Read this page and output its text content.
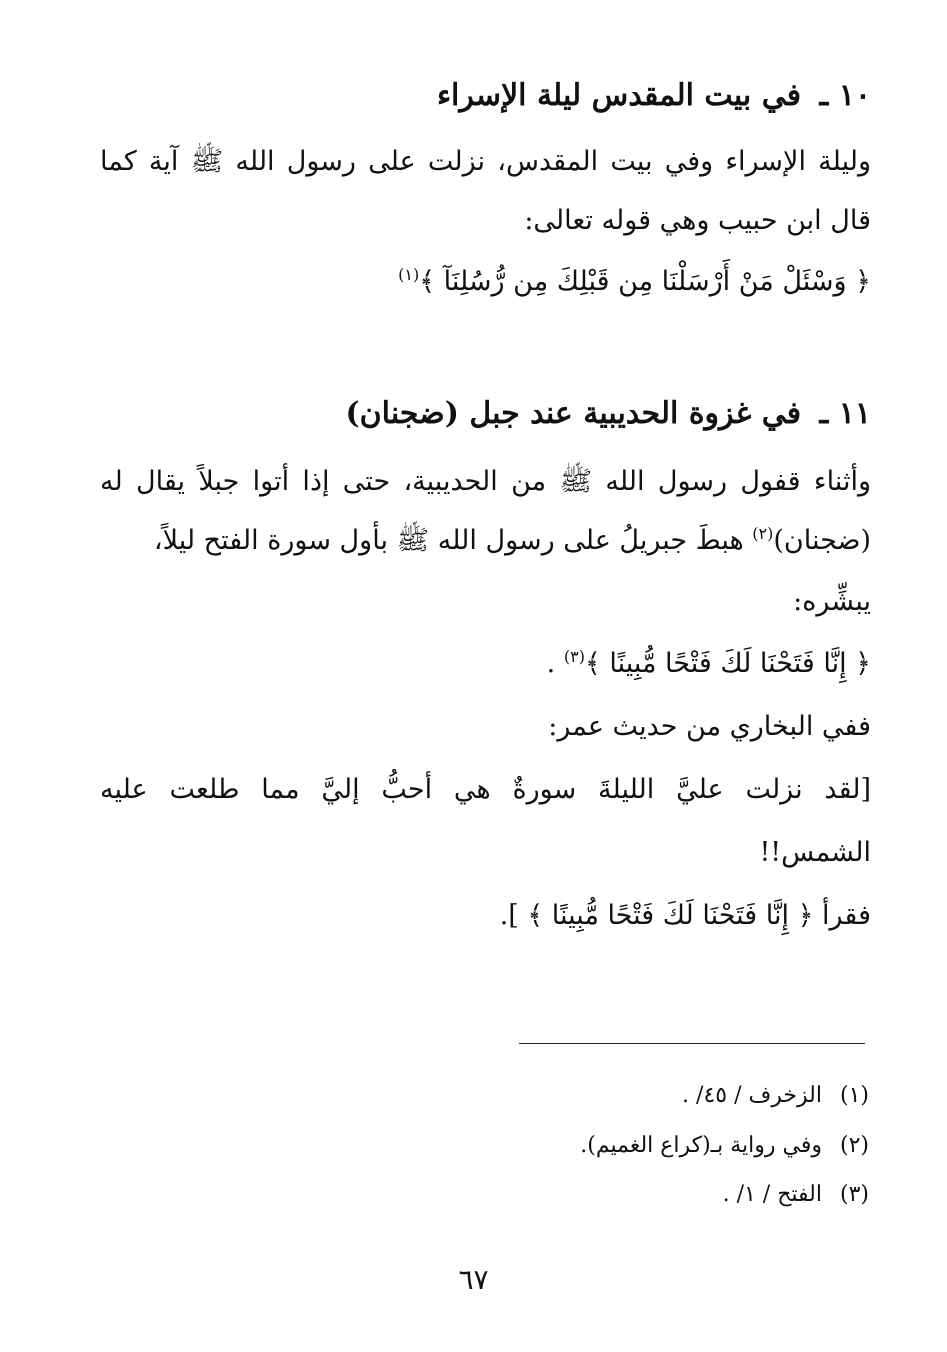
١٠ ـ في بيت المقدس ليلة الإسراء
وليلة الإسراء وفي بيت المقدس، نزلت على رسول الله ﷺ آية كما
قال ابن حبيب وهي قوله تعالى:
﴿ وَسْئَلْ مَنْ أَرْسَلْنَا مِن قَبْلِكَ مِن رُّسُلِنَآ ﴾$^{(١)}$
١١ ـ في غزوة الحديبية عند جبل (ضجنان)
وأثناء قفول رسول الله ﷺ من الحديبية، حتى إذا أتوا جبلاً يقال له
(ضجنان)$^{(٢)}$ هبطَ جبريلُ على رسول الله ﷺ بأول سورة الفتح ليلاً،
يبشِّره:
﴿ إِنَّا فَتَحْنَا لَكَ فَتْحًا مُّبِينًا ﴾$^{(٣)}$ .
ففي البخاري من حديث عمر:
[لقد نزلت عليَّ الليلةَ سورةٌ هي أحبُّ إليَّ مما طلعت عليه
الشمس!!
فقرأ ﴿ إِنَّا فَتَحْنَا لَكَ فَتْحًا مُّبِينًا ﴾ ].
(١) الزخرف / ٤٥/ .
(٢) وفي رواية بـ(كراع الغميم).
(٣) الفتح / ١/ .
٦٧
